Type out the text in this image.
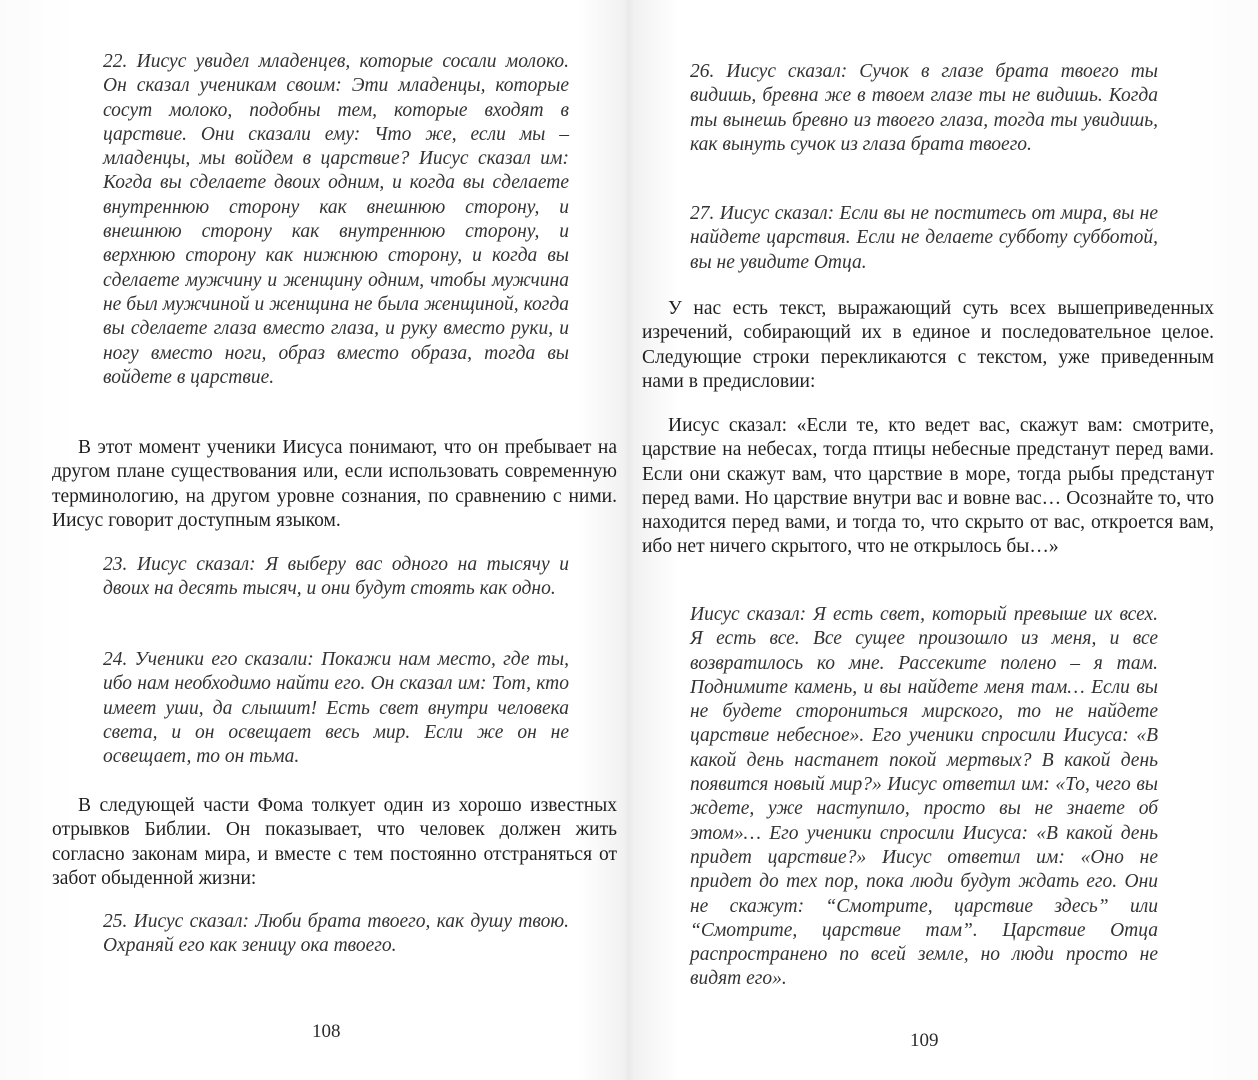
22. Иисус увидел младенцев, которые сосали молоко. Он сказал ученикам своим: Эти младенцы, которые сосут молоко, подобны тем, которые входят в царствие. Они сказали ему: Что же, если мы – младенцы, мы войдем в царствие? Иисус сказал им: Когда вы сделаете двоих одним, и когда вы сделаете внутреннюю сторону как внешнюю сторону, и внешнюю сторону как внутреннюю сторону, и верхнюю сторону как нижнюю сторону, и когда вы сделаете мужчину и женщину одним, чтобы мужчина не был мужчиной и женщина не была женщиной, когда вы сделаете глаза вместо глаза, и руку вместо руки, и ногу вместо ноги, образ вместо образа, тогда вы войдете в царствие.

В этот момент ученики Иисуса понимают, что он пребывает на другом плане существования или, если использовать современную терминологию, на другом уровне сознания, по сравнению с ними. Иисус говорит доступным языком.

23. Иисус сказал: Я выберу вас одного на тысячу и двоих на десять тысяч, и они будут стоять как одно.

24. Ученики его сказали: Покажи нам место, где ты, ибо нам необходимо найти его. Он сказал им: Тот, кто имеет уши, да слышит! Есть свет внутри человека света, и он освещает весь мир. Если же он не освещает, то он тьма.

В следующей части Фома толкует один из хорошо известных отрывков Библии. Он показывает, что человек должен жить согласно законам мира, и вместе с тем постоянно отстраняться от забот обыденной жизни:

25. Иисус сказал: Люби брата твоего, как душу твою. Охраняй его как зеницу ока твоего.

108

26. Иисус сказал: Сучок в глазе брата твоего ты видишь, бревна же в твоем глазе ты не видишь. Когда ты вынешь бревно из твоего глаза, тогда ты увидишь, как вынуть сучок из глаза брата твоего.

27. Иисус сказал: Если вы не поститесь от мира, вы не найдете царствия. Если не делаете субботу субботой, вы не увидите Отца.

У нас есть текст, выражающий суть всех вышеприведенных изречений, собирающий их в единое и последовательное целое. Следующие строки перекликаются с текстом, уже приведенным нами в предисловии:

Иисус сказал: «Если те, кто ведет вас, скажут вам: смотрите, царствие на небесах, тогда птицы небесные предстанут перед вами. Если они скажут вам, что царствие в море, тогда рыбы предстанут перед вами. Но царствие внутри вас и вовне вас… Осознайте то, что находится перед вами, и тогда то, что скрыто от вас, откроется вам, ибо нет ничего скрытого, что не открылось бы…»

Иисус сказал: Я есть свет, который превыше их всех. Я есть все. Все сущее произошло из меня, и все возвратилось ко мне. Рассеките полено – я там. Поднимите камень, и вы найдете меня там… Если вы не будете сторониться мирского, то не найдете царствие небесное». Его ученики спросили Иисуса: «В какой день настанет покой мертвых? В какой день появится новый мир?» Иисус ответил им: «То, чего вы ждете, уже наступило, просто вы не знаете об этом»… Его ученики спросили Иисуса: «В какой день придет царствие?» Иисус ответил им: «Оно не придет до тех пор, пока люди будут ждать его. Они не скажут: “Смотрите, царствие здесь” или “Смотрите, царствие там”. Царствие Отца распространено по всей земле, но люди просто не видят его».

109
